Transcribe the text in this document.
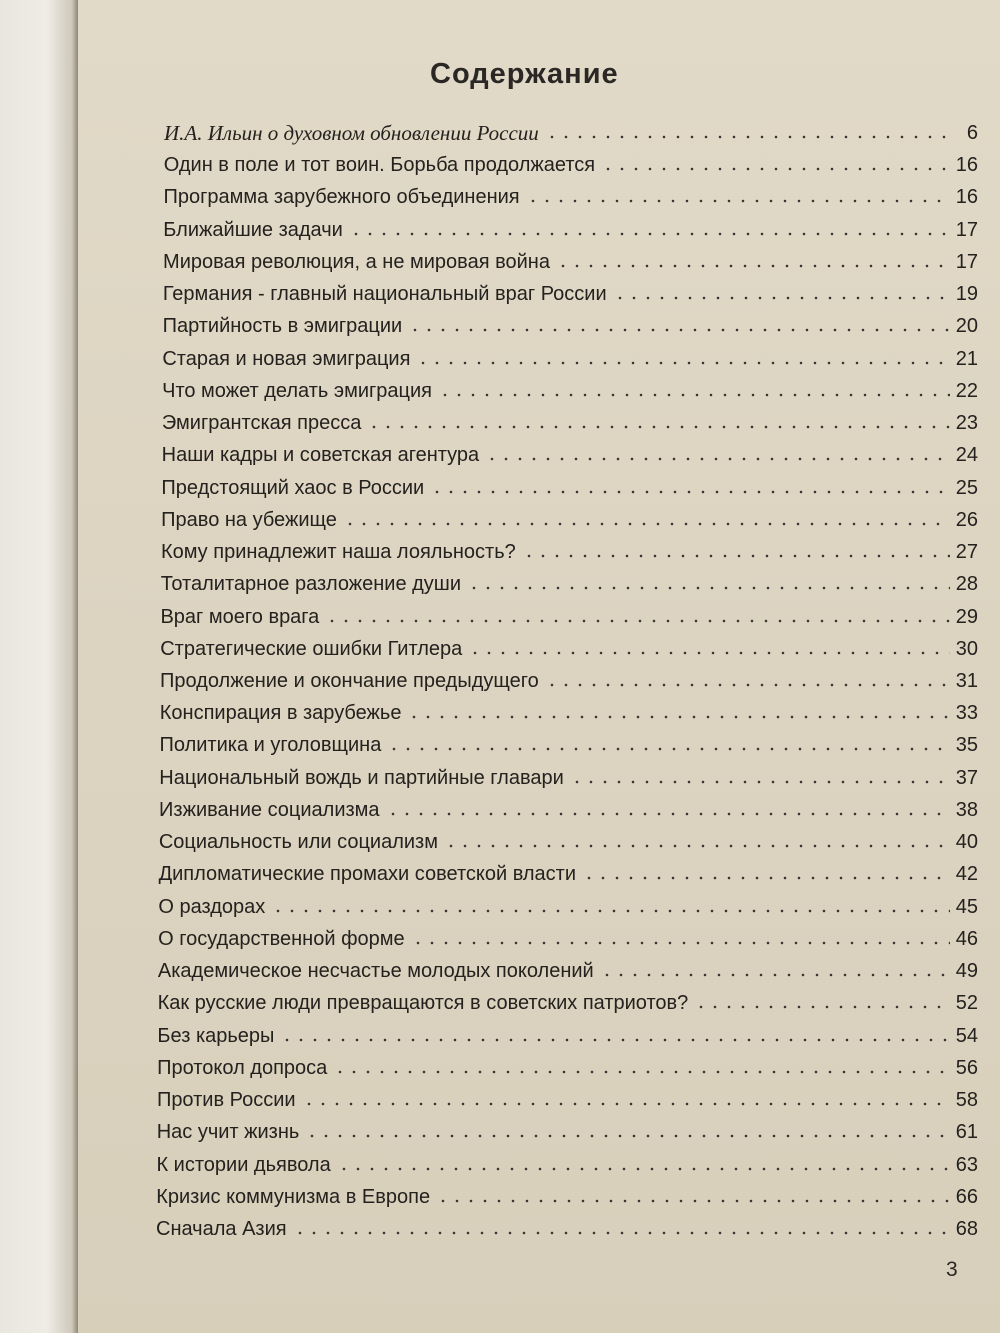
Содержание
И.А. Ильин о духовном обновлении России	6
Один в поле и тот воин. Борьба продолжается	16
Программа зарубежного объединения	16
Ближайшие задачи	17
Мировая революция, а не мировая война	17
Германия - главный национальный враг России	19
Партийность в эмиграции	20
Старая и новая эмиграция	21
Что может делать эмиграция	22
Эмигрантская пресса	23
Наши кадры и советская агентура	24
Предстоящий хаос в России	25
Право на убежище	26
Кому принадлежит наша лояльность?	27
Тоталитарное разложение души	28
Враг моего врага	29
Стратегические ошибки Гитлера	30
Продолжение и окончание предыдущего	31
Конспирация в зарубежье	33
Политика и уголовщина	35
Национальный вождь и партийные главари	37
Изживание социализма	38
Социальность или социализм	40
Дипломатические промахи советской власти	42
О раздорах	45
О государственной форме	46
Академическое несчастье молодых поколений	49
Как русские люди превращаются в советских патриотов?	52
Без карьеры	54
Протокол допроса	56
Против России	58
Нас учит жизнь	61
К истории дьявола	63
Кризис коммунизма в Европе	66
Сначала Азия	68
3
